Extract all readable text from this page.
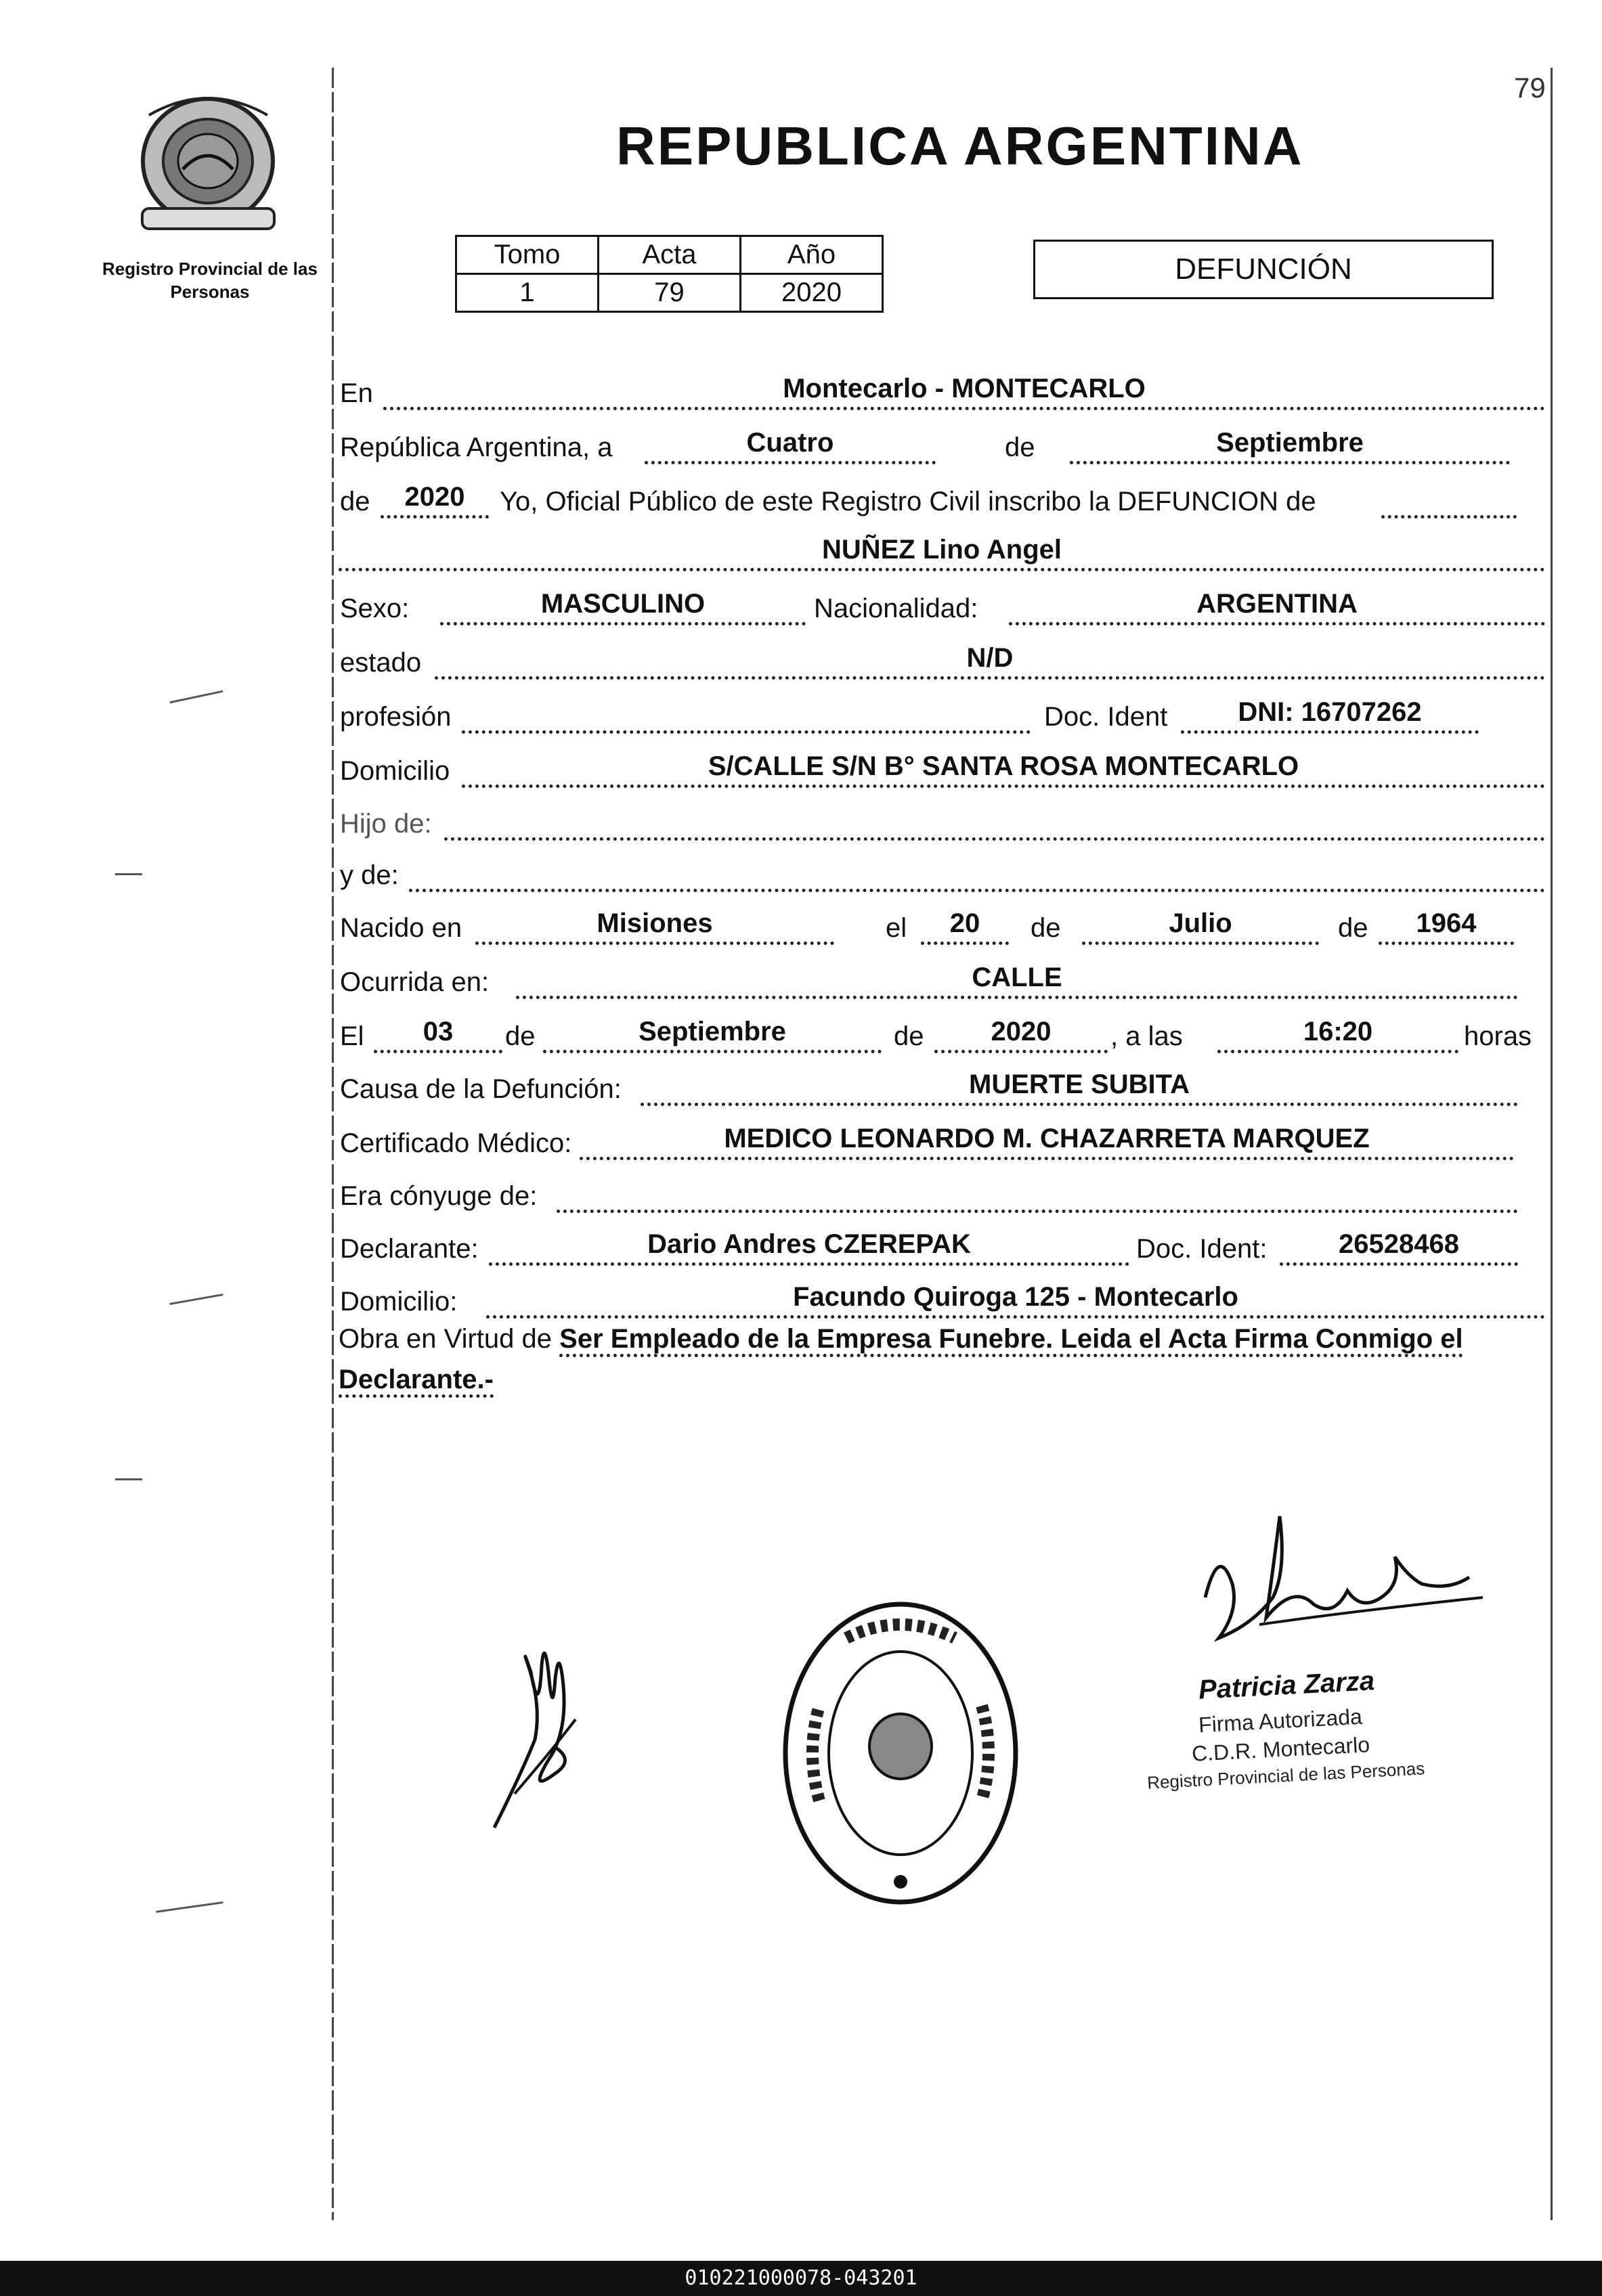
79
Registro Provincial de las Personas
REPUBLICA ARGENTINA
Tomo	Acta	Año
1	79	2020
DEFUNCIÓN
En	Montecarlo - MONTECARLO
República Argentina, a	Cuatro	de	Septiembre
de	2020	Yo, Oficial Público de este Registro Civil inscribo la DEFUNCION de
NUÑEZ Lino Angel
Sexo:	MASCULINO	Nacionalidad:	ARGENTINA
estado	N/D
profesión	Doc. Ident	DNI: 16707262
Domicilio	S/CALLE S/N B° SANTA ROSA MONTECARLO
Hijo de:
y de:
Nacido en	Misiones	el	20	de	Julio	de	1964
Ocurrida en:	CALLE
El	03	de	Septiembre	de	2020	, a las	16:20	horas
Causa de la Defunción:	MUERTE SUBITA
Certificado Médico:	MEDICO LEONARDO M. CHAZARRETA MARQUEZ
Era cónyuge de:
Declarante:	Dario Andres CZEREPAK	Doc. Ident:	26528468
Domicilio:	Facundo Quiroga 125 - Montecarlo
Obra en Virtud de Ser Empleado de la Empresa Funebre. Leida el Acta Firma Conmigo el Declarante.-
Patricia Zarza
Firma Autorizada
C.D.R. Montecarlo
Registro Provincial de las Personas
010221000078-043201
